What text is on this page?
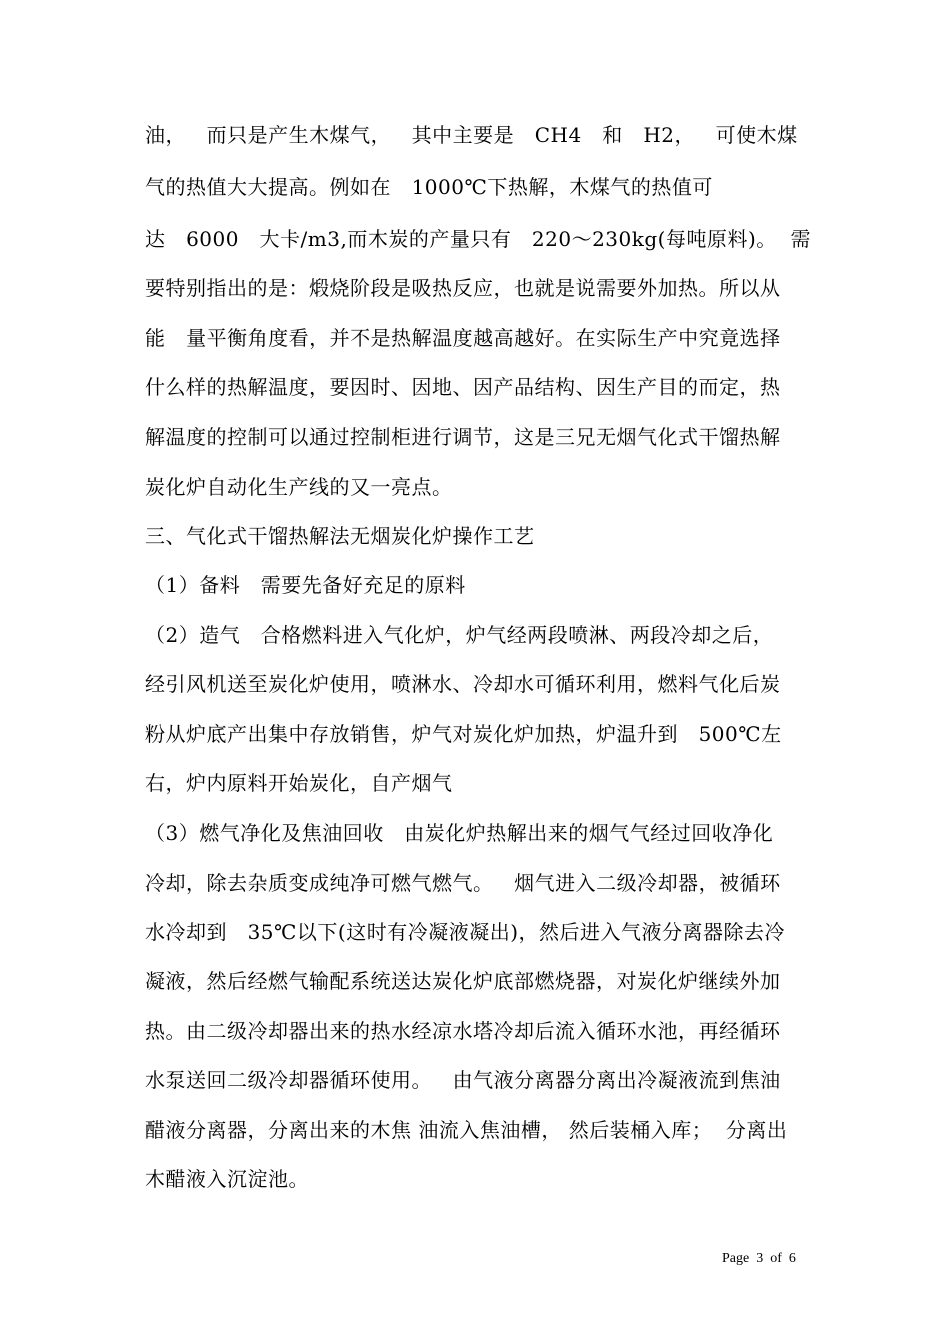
油，   而只是产生木煤气，   其中主要是   CH4   和   H2，   可使木煤
气的热值大大提高。例如在   1000℃下热解，木煤气的热值可
达   6000   大卡/m3,而木炭的产量只有   220～230kg(每吨原料)。  需
要特别指出的是：煅烧阶段是吸热反应，也就是说需要外加热。所以从
能   量平衡角度看，并不是热解温度越高越好。在实际生产中究竟选择
什么样的热解温度，要因时、因地、因产品结构、因生产目的而定，热
解温度的控制可以通过控制柜进行调节，这是三兄无烟气化式干馏热解
炭化炉自动化生产线的又一亮点。
三、气化式干馏热解法无烟炭化炉操作工艺
（1）备料   需要先备好充足的原料
（2）造气   合格燃料进入气化炉，炉气经两段喷淋、两段冷却之后，
经引风机送至炭化炉使用，喷淋水、冷却水可循环利用，燃料气化后炭
粉从炉底产出集中存放销售，炉气对炭化炉加热，炉温升到   500℃左
右，炉内原料开始炭化，自产烟气
（3）燃气净化及焦油回收   由炭化炉热解出来的烟气气经过回收净化
冷却，除去杂质变成纯净可燃气燃气。   烟气进入二级冷却器，被循环
水冷却到   35℃以下(这时有冷凝液凝出)，然后进入气液分离器除去冷
凝液，然后经燃气输配系统送达炭化炉底部燃烧器，对炭化炉继续外加
热。由二级冷却器出来的热水经凉水塔冷却后流入循环水池，再经循环
水泵送回二级冷却器循环使用。   由气液分离器分离出冷凝液流到焦油
醋液分离器，分离出来的木焦 油流入焦油槽， 然后装桶入库；  分离出
木醋液入沉淀池。
Page  3  of  6
